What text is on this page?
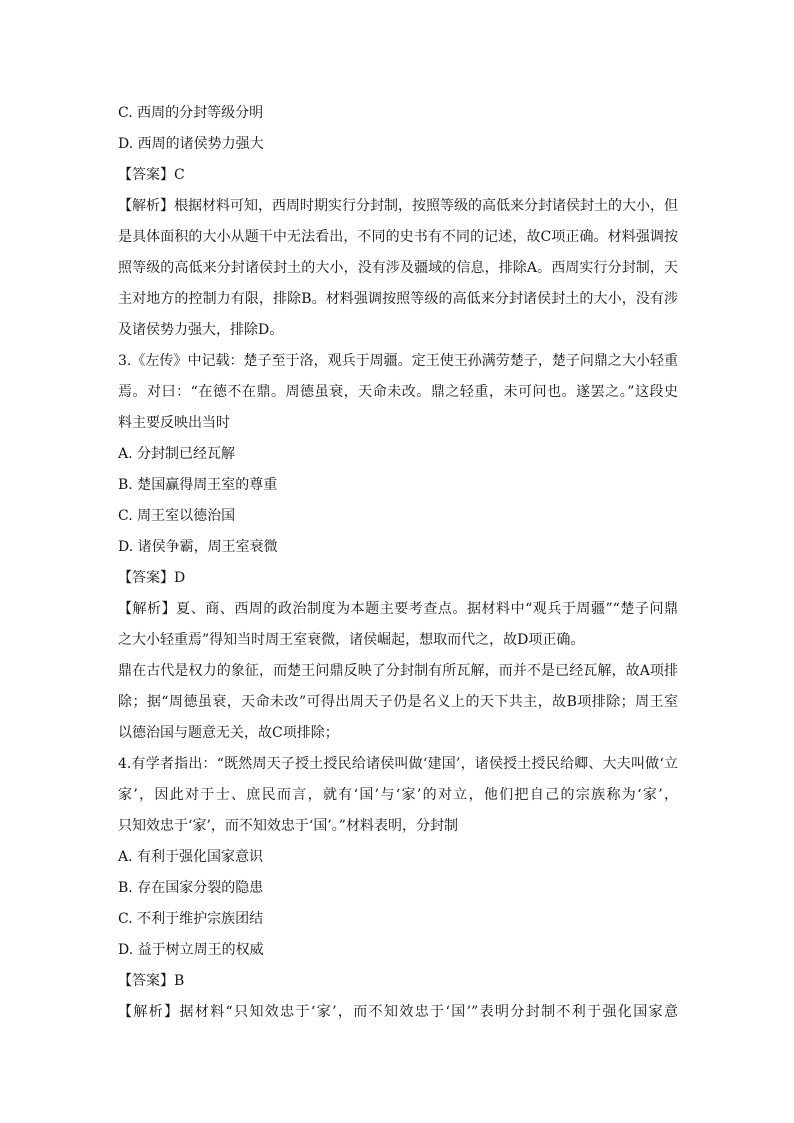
C. 西周的分封等级分明
D. 西周的诸侯势力强大
【答案】C
【解析】根据材料可知，西周时期实行分封制，按照等级的高低来分封诸侯封土的大小，但
是具体面积的大小从题干中无法看出，不同的史书有不同的记述，故C项正确。材料强调按
照等级的高低来分封诸侯封土的大小，没有涉及疆域的信息，排除A。西周实行分封制，天
主对地方的控制力有限，排除B。材料强调按照等级的高低来分封诸侯封土的大小，没有涉
及诸侯势力强大，排除D。
3.《左传》中记载：楚子至于洛，观兵于周疆。定王使王孙满劳楚子，楚子问鼎之大小轻重
焉。对曰：“在德不在鼎。周德虽衰，天命未改。鼎之轻重，未可问也。遂罢之。”这段史
料主要反映出当时
A. 分封制已经瓦解
B. 楚国赢得周王室的尊重
C. 周王室以德治国
D. 诸侯争霸，周王室衰微
【答案】D
【解析】夏、商、西周的政治制度为本题主要考查点。据材料中“观兵于周疆”“楚子问鼎
之大小轻重焉”得知当时周王室衰微，诸侯崛起，想取而代之，故D项正确。
鼎在古代是权力的象征，而楚王问鼎反映了分封制有所瓦解，而并不是已经瓦解，故A项排
除；据“周德虽衰，天命未改”可得出周天子仍是名义上的天下共主，故B项排除；周王室
以德治国与题意无关，故C项排除；
4.有学者指出：“既然周天子授土授民给诸侯叫做‘建国’，诸侯授土授民给卿、大夫叫做‘立
家’，因此对于士、庶民而言，就有‘国’与‘家’的对立，他们把自己的宗族称为‘家’，
只知效忠于‘家’，而不知效忠于‘国’。”材料表明，分封制
A. 有利于强化国家意识
B. 存在国家分裂的隐患
C. 不利于维护宗族团结
D. 益于树立周王的权威
【答案】B
【解析】据材料“只知效忠于‘家’，而不知效忠于‘国’”表明分封制不利于强化国家意
